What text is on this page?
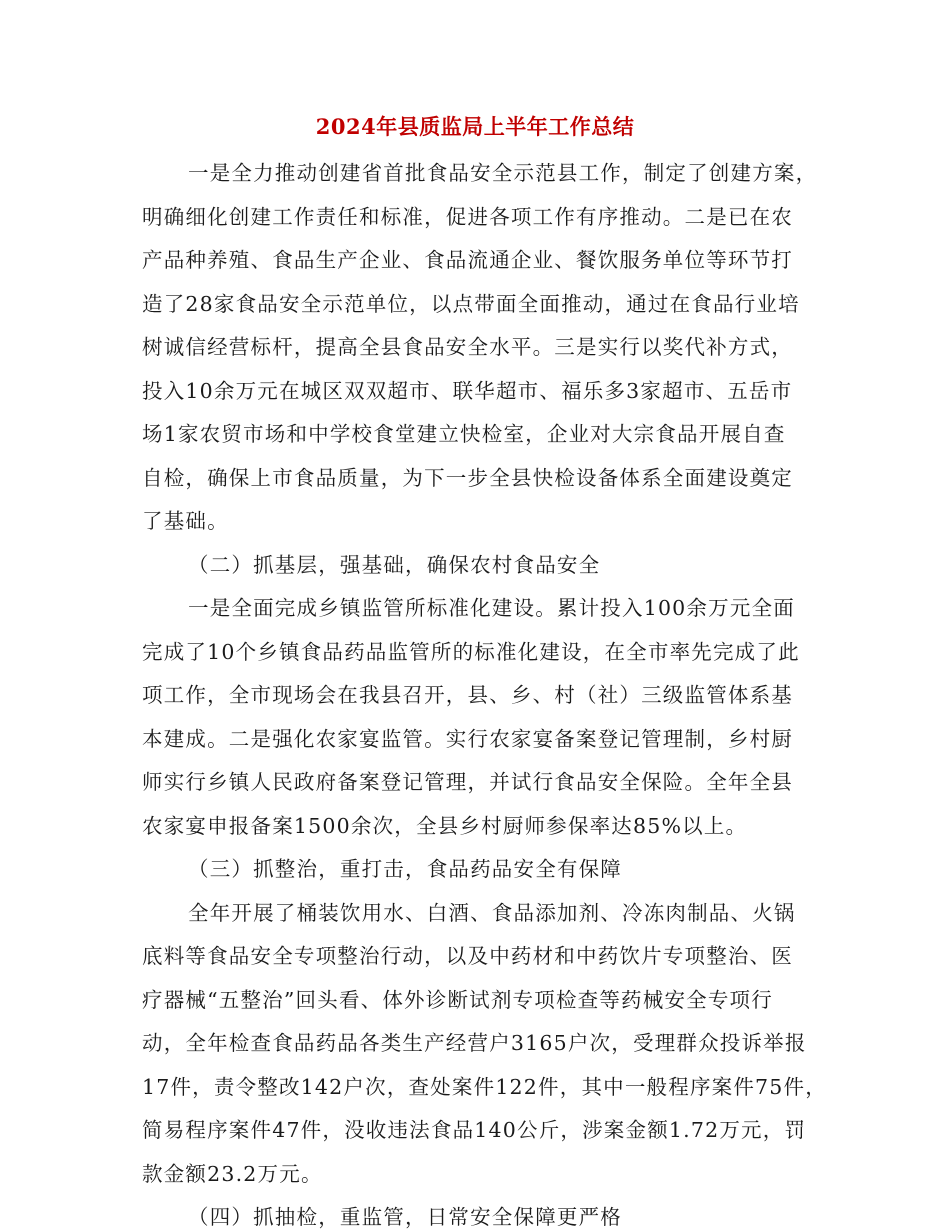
2024年县质监局上半年工作总结
一是全力推动创建省首批食品安全示范县工作，制定了创建方案，
明确细化创建工作责任和标准，促进各项工作有序推动。二是已在农
产品种养殖、食品生产企业、食品流通企业、餐饮服务单位等环节打
造了28家食品安全示范单位，以点带面全面推动，通过在食品行业培
树诚信经营标杆，提高全县食品安全水平。三是实行以奖代补方式，
投入10余万元在城区双双超市、联华超市、福乐多3家超市、五岳市
场1家农贸市场和中学校食堂建立快检室，企业对大宗食品开展自查
自检，确保上市食品质量，为下一步全县快检设备体系全面建设奠定
了基础。
（二）抓基层，强基础，确保农村食品安全
一是全面完成乡镇监管所标准化建设。累计投入100余万元全面
完成了10个乡镇食品药品监管所的标准化建设，在全市率先完成了此
项工作，全市现场会在我县召开，县、乡、村（社）三级监管体系基
本建成。二是强化农家宴监管。实行农家宴备案登记管理制，乡村厨
师实行乡镇人民政府备案登记管理，并试行食品安全保险。全年全县
农家宴申报备案1500余次，全县乡村厨师参保率达85%以上。
（三）抓整治，重打击，食品药品安全有保障
全年开展了桶装饮用水、白酒、食品添加剂、冷冻肉制品、火锅
底料等食品安全专项整治行动，以及中药材和中药饮片专项整治、医
疗器械“五整治”回头看、体外诊断试剂专项检查等药械安全专项行
动，全年检查食品药品各类生产经营户3165户次，受理群众投诉举报
17件，责令整改142户次，查处案件122件，其中一般程序案件75件，
简易程序案件47件，没收违法食品140公斤，涉案金额1.72万元，罚
款金额23.2万元。
（四）抓抽检，重监管，日常安全保障更严格
